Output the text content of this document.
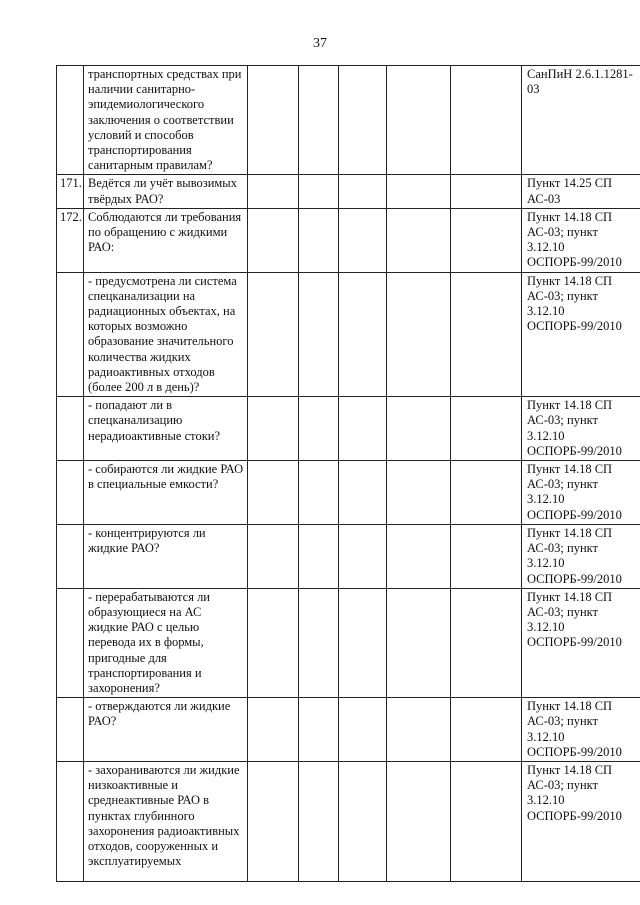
37
	транспортных средствах при наличии санитарно-эпидемиологического заключения о соответствии условий и способов транспортирования санитарным правилам?						СанПиН 2.6.1.1281-03
171.	Ведётся ли учёт вывозимых твёрдых РАО?						Пункт 14.25 СП АС-03
172.	Соблюдаются ли требования по обращению с жидкими РАО:						Пункт 14.18 СП АС-03; пункт 3.12.10 ОСПОРБ-99/2010
	- предусмотрена ли система спецканализации на радиационных объектах, на которых возможно образование значительного количества жидких радиоактивных отходов (более 200 л в день)?						Пункт 14.18 СП АС-03; пункт 3.12.10 ОСПОРБ-99/2010
	- попадают ли в спецканализацию нерадиоактивные стоки?						Пункт 14.18 СП АС-03; пункт 3.12.10 ОСПОРБ-99/2010
	- собираются ли жидкие РАО в специальные емкости?						Пункт 14.18 СП АС-03; пункт 3.12.10 ОСПОРБ-99/2010
	- концентрируются ли жидкие РАО?						Пункт 14.18 СП АС-03; пункт 3.12.10 ОСПОРБ-99/2010
	- перерабатываются ли образующиеся на АС жидкие РАО с целью перевода их в формы, пригодные для транспортирования и захоронения?						Пункт 14.18 СП АС-03; пункт 3.12.10 ОСПОРБ-99/2010
	- отверждаются ли жидкие РАО?						Пункт 14.18 СП АС-03; пункт 3.12.10 ОСПОРБ-99/2010
	- захораниваются ли жидкие низкоактивные и среднеактивные РАО в пунктах глубинного захоронения радиоактивных отходов, сооруженных и эксплуатируемых						Пункт 14.18 СП АС-03; пункт 3.12.10 ОСПОРБ-99/2010
